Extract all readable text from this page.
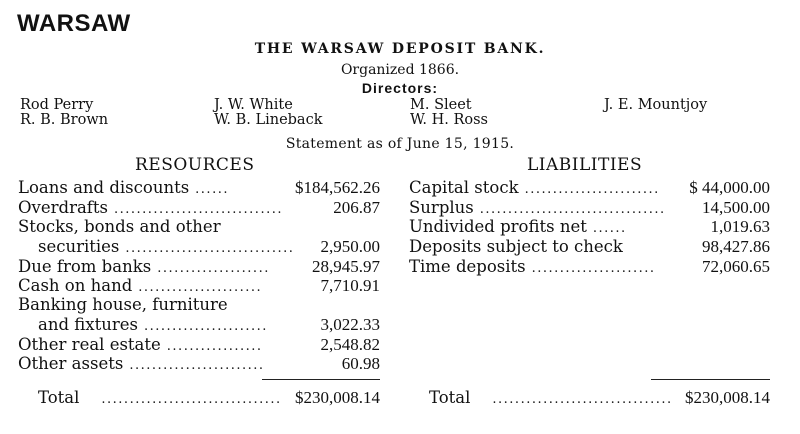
WARSAW
THE WARSAW DEPOSIT BANK.
Organized 1866.
Directors:
Rod Perry
R. B. Brown
J. W. White
W. B. Lineback
M. Sleet
W. H. Ross
J. E. Mountjoy
Statement as of June 15, 1915.
RESOURCES	LIABILITIES
Loans and discounts ......	$184,562.26
Overdrafts ..............................	206.87
Stocks, bonds and other
securities .............................. 2,950.00
Due from banks .................... 28,945.97
Cash on hand ......................	7,710.91
Banking house, furniture
and fixtures ......................	3,022.33
Other real estate .................	2,548.82
Other assets ........................	60.98
Total ................................ $230,008.14
Capital stock ........................ $ 44,000.00
Surplus ................................. 14,500.00
Undivided profits net ......	1,019.63
Deposits subject to check	98,427.86
Time deposits ......................	72,060.65
Total ................................ $230,008.14
